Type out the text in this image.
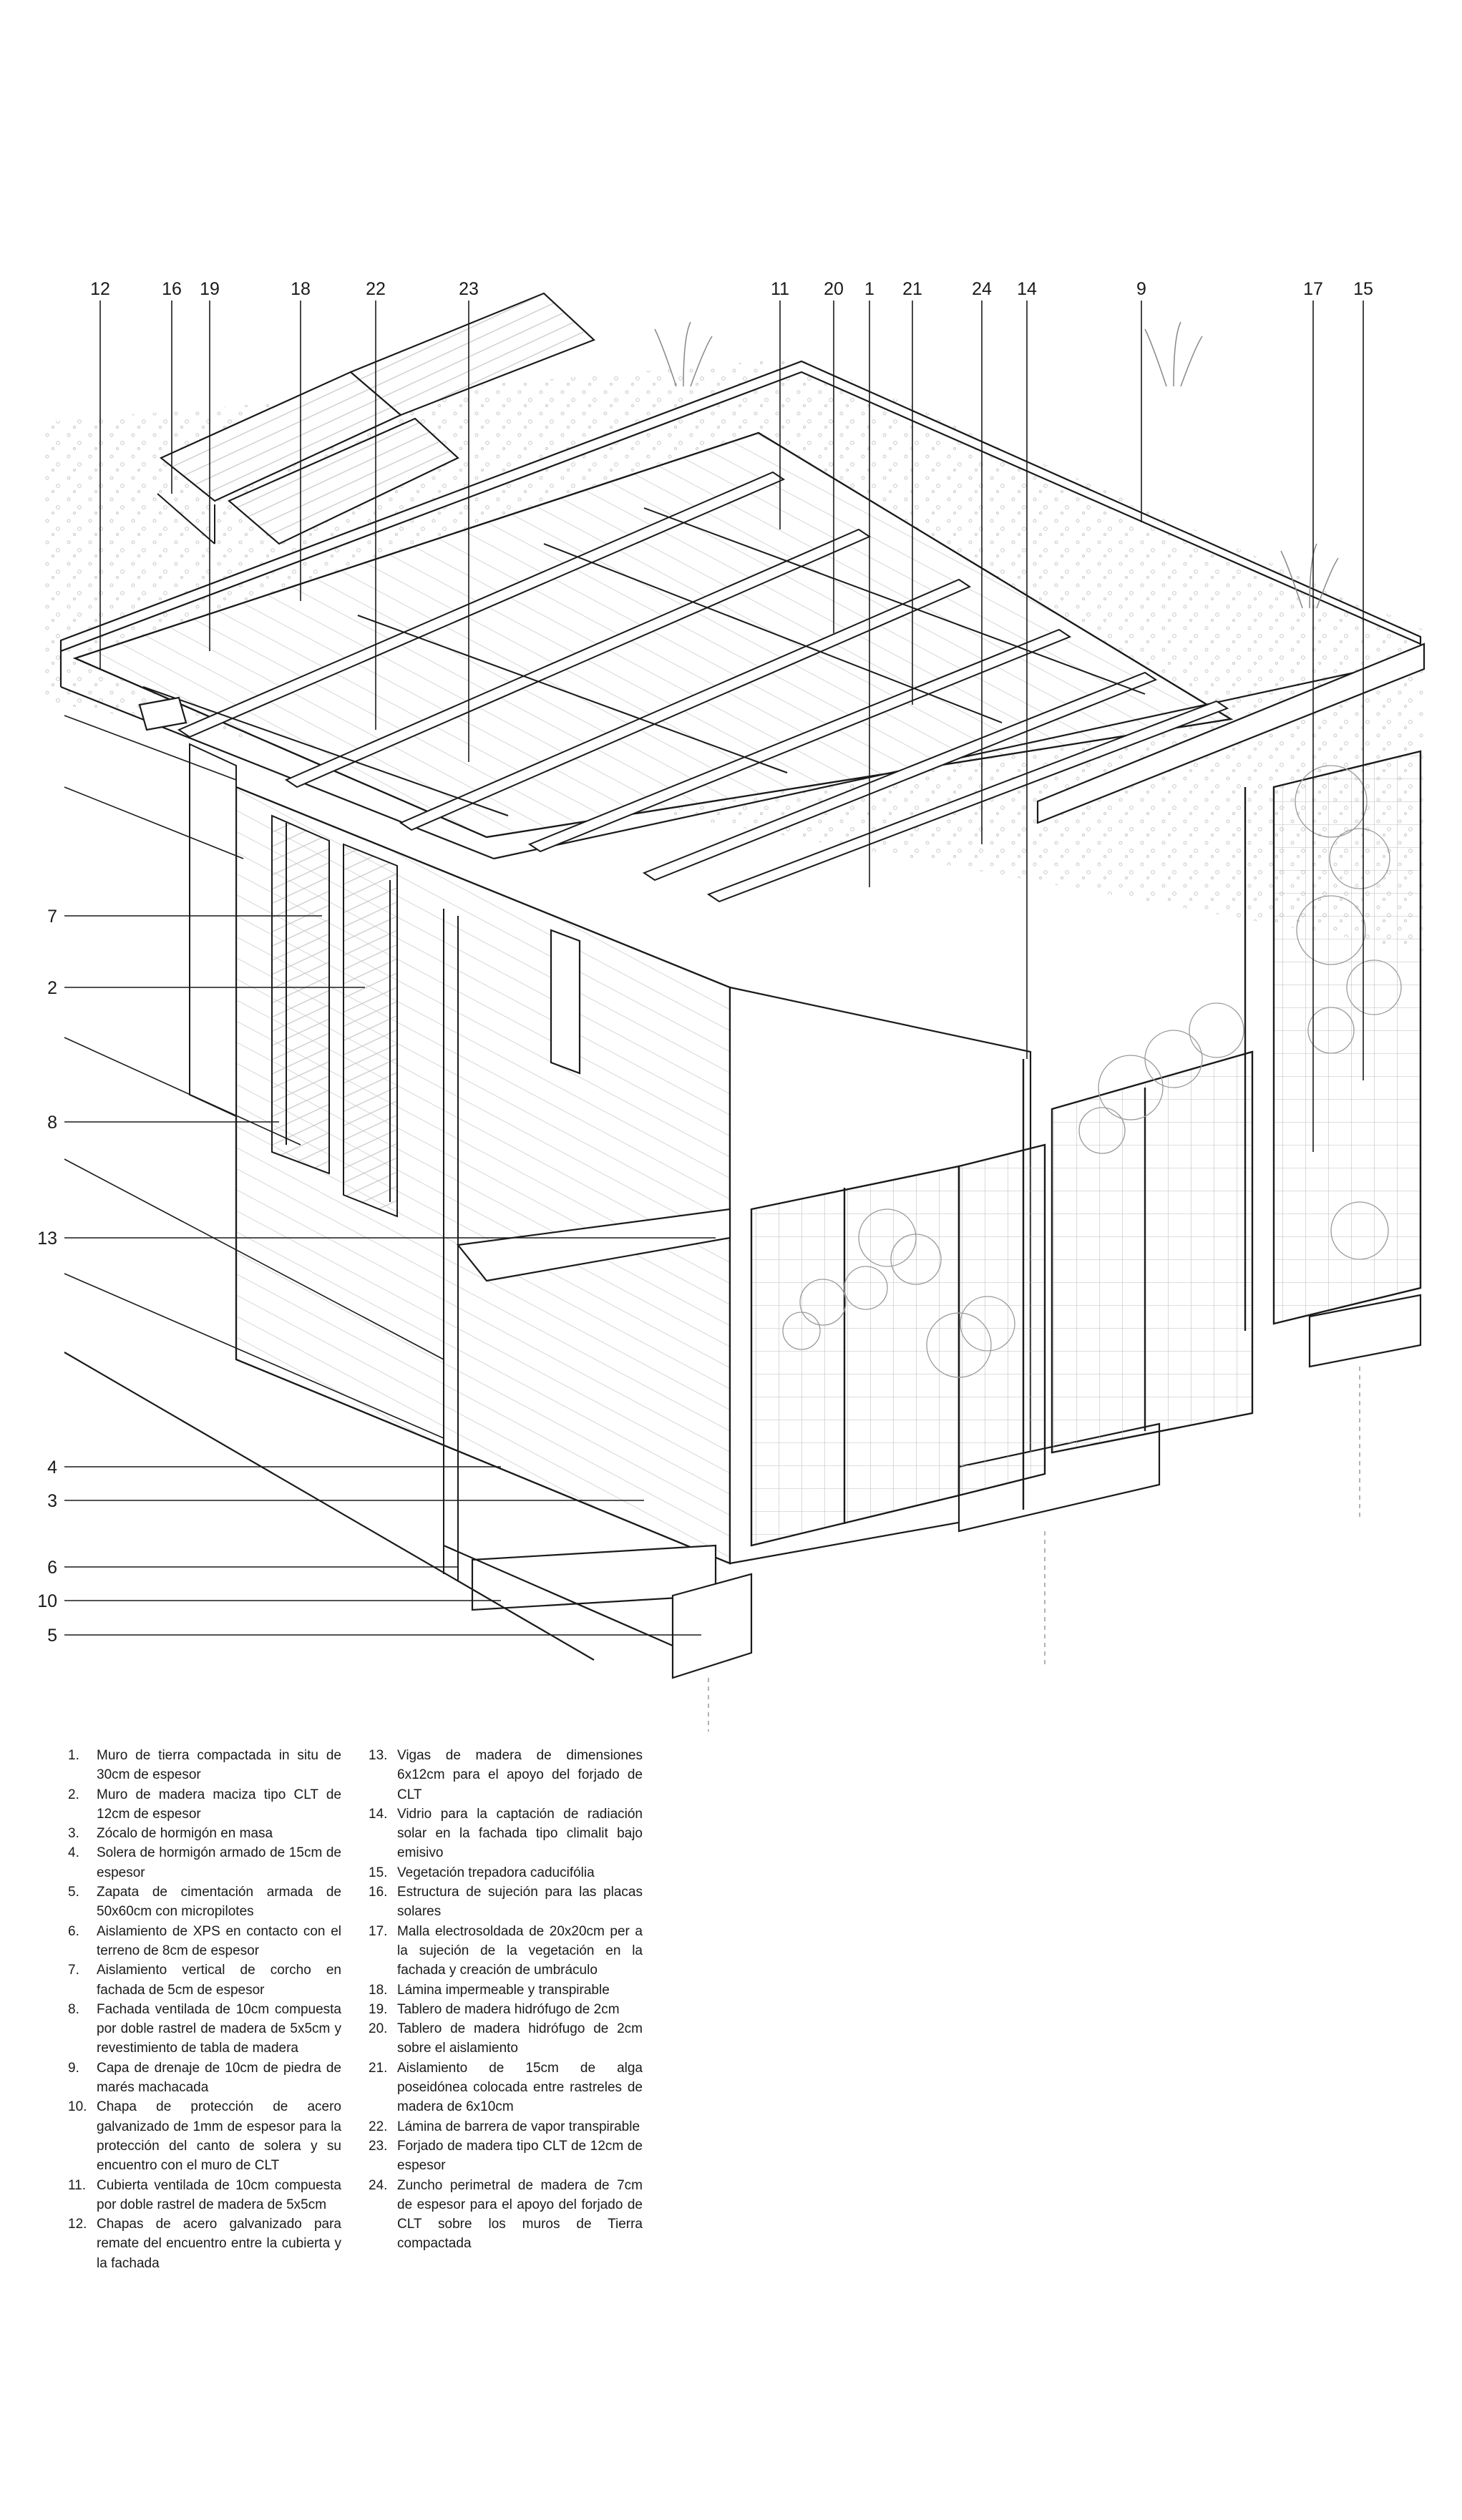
12	16 19	18	22	23	11 20 1 21	24 14	9	17 15
7
2
8
13
4
3
6
10
5
1.	Muro de tierra compactada in situ de 30cm de espesor
2.	Muro de madera maciza tipo CLT de 12cm de espesor
3.	Zócalo de hormigón en masa
4.	Solera de hormigón armado de 15cm de espesor
5.	Zapata de cimentación armada de 50x60cm con micropilotes
6.	Aislamiento de XPS en contacto con el terreno de 8cm de espesor
7.	Aislamiento vertical de corcho en fachada de 5cm de espesor
8.	Fachada ventilada de 10cm compuesta por doble rastrel de madera de 5x5cm y revestimiento de tabla de madera
9.	Capa de drenaje de 10cm de piedra de marés machacada
10. Chapa de protección de acero galvanizado de 1mm de espesor para la protección del canto de solera y su encuentro con el muro de CLT
11. Cubierta ventilada de 10cm compuesta por doble rastrel de madera de 5x5cm
12. Chapas de acero galvanizado para remate del encuentro entre la cubierta y la fachada
13. Vigas de madera de dimensiones 6x12cm para el apoyo del forjado de CLT
14. Vidrio para la captación de radiación solar en la fachada tipo climalit bajo emisivo
15. Vegetación trepadora caducifólia
16. Estructura de sujeción para las placas solares
17. Malla electrosoldada de 20x20cm per a la sujeción de la vegetación en la fachada y creación de umbráculo
18. Lámina impermeable y transpirable
19. Tablero de madera hidrófugo de 2cm
20. Tablero de madera hidrófugo de 2cm sobre el aislamiento
21. Aislamiento de 15cm de alga poseidónea colocada entre rastreles de madera de 6x10cm
22. Lámina de barrera de vapor transpirable
23. Forjado de madera tipo CLT de 12cm de espesor
24. Zuncho perimetral de madera de 7cm de espesor para el apoyo del forjado de CLT sobre los muros de Tierra compactada
